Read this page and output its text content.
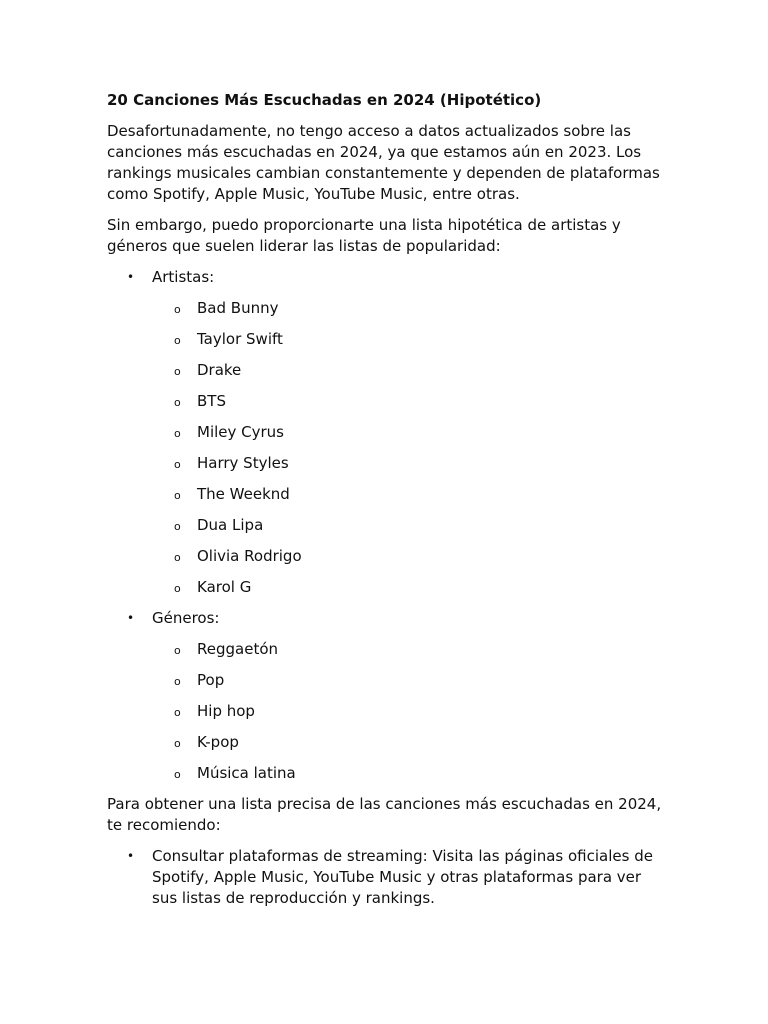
20 Canciones Más Escuchadas en 2024 (Hipotético)

Desafortunadamente, no tengo acceso a datos actualizados sobre las canciones más escuchadas en 2024, ya que estamos aún en 2023. Los rankings musicales cambian constantemente y dependen de plataformas como Spotify, Apple Music, YouTube Music, entre otras.

Sin embargo, puedo proporcionarte una lista hipotética de artistas y géneros que suelen liderar las listas de popularidad:

• Artistas:
o Bad Bunny
o Taylor Swift
o Drake
o BTS
o Miley Cyrus
o Harry Styles
o The Weeknd
o Dua Lipa
o Olivia Rodrigo
o Karol G
• Géneros:
o Reggaetón
o Pop
o Hip hop
o K-pop
o Música latina

Para obtener una lista precisa de las canciones más escuchadas en 2024, te recomiendo:

• Consultar plataformas de streaming: Visita las páginas oficiales de Spotify, Apple Music, YouTube Music y otras plataformas para ver sus listas de reproducción y rankings.
